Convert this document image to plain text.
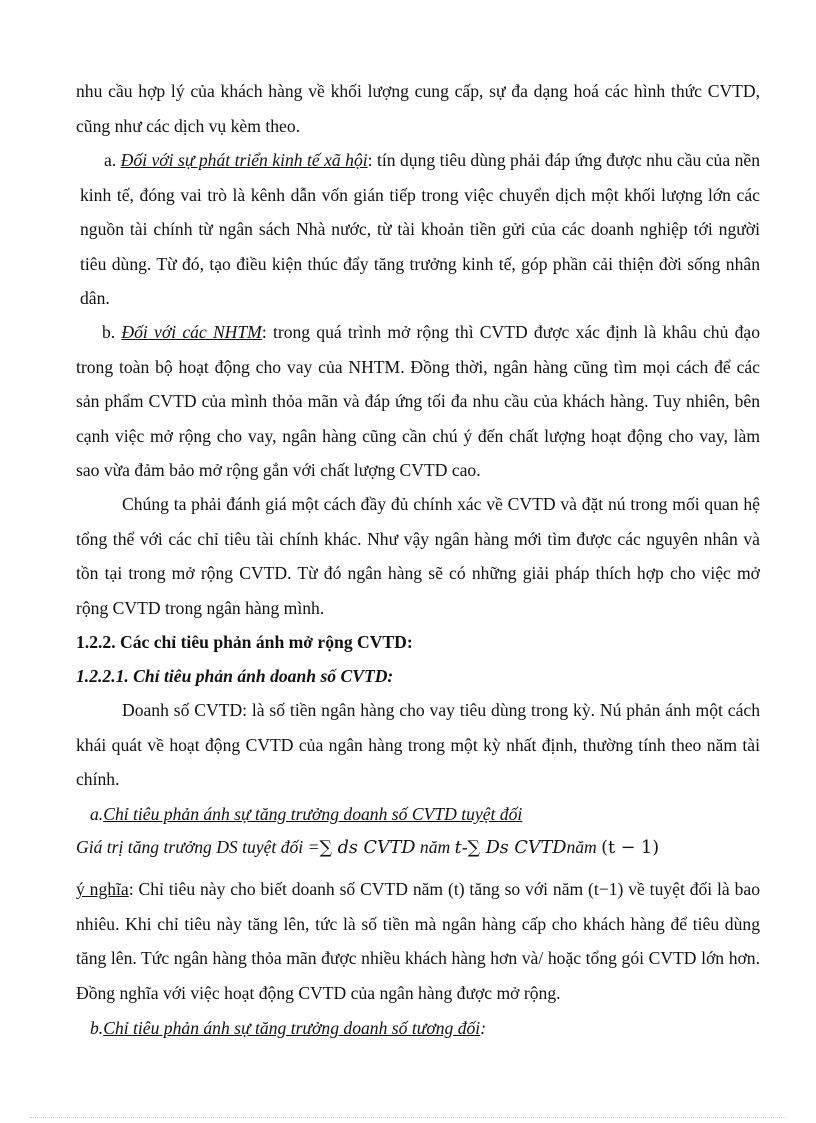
nhu cầu hợp lý của khách hàng về khối lượng cung cấp, sự đa dạng hoá các hình thức CVTD, cũng như các dịch vụ kèm theo.

a. Đối với sự phát triển kinh tế xã hội: tín dụng tiêu dùng phải đáp ứng được nhu cầu của nền kinh tế, đóng vai trò là kênh dẫn vốn gián tiếp trong việc chuyển dịch một khối lượng lớn các nguồn tài chính từ ngân sách Nhà nước, từ tài khoản tiền gửi của các doanh nghiệp tới người tiêu dùng. Từ đó, tạo điều kiện thúc đẩy tăng trưởng kinh tế, góp phần cải thiện đời sống nhân dân.

b. Đối với các NHTM: trong quá trình mở rộng thì CVTD được xác định là khâu chủ đạo trong toàn bộ hoạt động cho vay của NHTM. Đồng thời, ngân hàng cũng tìm mọi cách để các sản phẩm CVTD của mình thỏa mãn và đáp ứng tối đa nhu cầu của khách hàng. Tuy nhiên, bên cạnh việc mở rộng cho vay, ngân hàng cũng cần chú ý đến chất lượng hoạt động cho vay, làm sao vừa đảm bảo mở rộng gắn với chất lượng CVTD cao.

Chúng ta phải đánh giá một cách đầy đủ chính xác về CVTD và đặt nú trong mối quan hệ tổng thể với các chỉ tiêu tài chính khác. Như vậy ngân hàng mới tìm được các nguyên nhân và tồn tại trong mở rộng CVTD. Từ đó ngân hàng sẽ có những giải pháp thích hợp cho việc mở rộng CVTD trong ngân hàng mình.

1.2.2. Các chỉ tiêu phản ánh mở rộng CVTD:

1.2.2.1. Chỉ tiêu phản ánh doanh số CVTD:

Doanh số CVTD: là số tiền ngân hàng cho vay tiêu dùng trong kỳ. Nú phản ánh một cách khái quát về hoạt động CVTD của ngân hàng trong một kỳ nhất định, thường tính theo năm tài chính.

a.Chỉ tiêu phản ánh sự tăng trưởng doanh số CVTD tuyệt đối

Giá trị tăng trưởng DS tuyệt đối =∑ ds CVTD năm t-∑ Ds CVTDnăm (t − 1)

ý nghĩa: Chỉ tiêu này cho biết doanh số CVTD năm (t) tăng so với năm (t−1) về tuyệt đối là bao nhiêu. Khi chỉ tiêu này tăng lên, tức là số tiền mà ngân hàng cấp cho khách hàng để tiêu dùng tăng lên. Tức ngân hàng thỏa mãn được nhiều khách hàng hơn và/ hoặc tổng gói CVTD lớn hơn. Đồng nghĩa với việc hoạt động CVTD của ngân hàng được mở rộng.

b.Chỉ tiêu phản ánh sự tăng trưởng doanh số tương đối:
